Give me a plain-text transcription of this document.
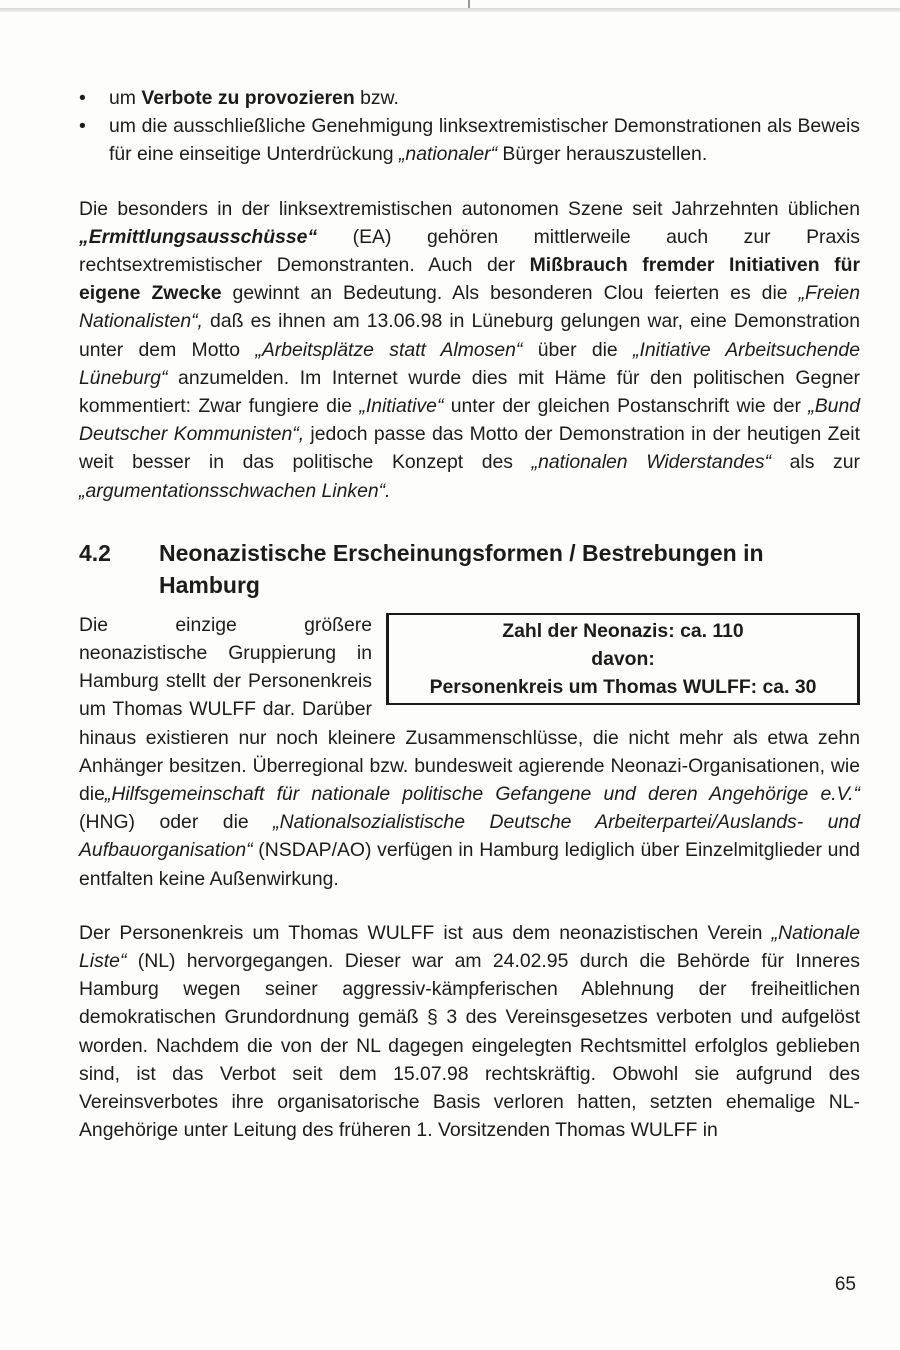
• um Verbote zu provozieren bzw.
• um die ausschließliche Genehmigung linksextremistischer Demonstrationen als Beweis für eine einseitige Unterdrückung „nationaler“ Bürger herauszustellen.

Die besonders in der linksextremistischen autonomen Szene seit Jahrzehnten üblichen „Ermittlungsausschüsse“ (EA) gehören mittlerweile auch zur Praxis rechtsextremistischer Demonstranten. Auch der Mißbrauch fremder Initiativen für eigene Zwecke gewinnt an Bedeutung. Als besonderen Clou feierten es die „Freien Nationalisten“, daß es ihnen am 13.06.98 in Lüneburg gelungen war, eine Demonstration unter dem Motto „Arbeitsplätze statt Almosen“ über die „Initiative Arbeitsuchende Lüneburg“ anzumelden. Im Internet wurde dies mit Häme für den politischen Gegner kommentiert: Zwar fungiere die „Initiative“ unter der gleichen Postanschrift wie der „Bund Deutscher Kommunisten“, jedoch passe das Motto der Demonstration in der heutigen Zeit weit besser in das politische Konzept des „nationalen Widerstandes“ als zur „argumentationsschwachen Linken“.

4.2	Neonazistische Erscheinungsformen / Bestrebungen in Hamburg

Zahl der Neonazis: ca. 110
davon:
Personenkreis um Thomas WULFF: ca. 30
Die einzige größere neonazistische Gruppierung in Hamburg stellt der Personenkreis um Thomas WULFF dar. Darüber hinaus existieren nur noch kleinere Zusammenschlüsse, die nicht mehr als etwa zehn Anhänger besitzen. Überregional bzw. bundesweit agierende Neonazi-Organisationen, wie die„Hilfsgemeinschaft für nationale politische Gefangene und deren Angehörige e.V.“ (HNG) oder die „Nationalsozialistische Deutsche Arbeiterpartei/Auslands- und Aufbauorganisation“ (NSDAP/AO) verfügen in Hamburg lediglich über Einzelmitglieder und entfalten keine Außenwirkung.

Der Personenkreis um Thomas WULFF ist aus dem neonazistischen Verein „Nationale Liste“ (NL) hervorgegangen. Dieser war am 24.02.95 durch die Behörde für Inneres Hamburg wegen seiner aggressiv-kämpferischen Ablehnung der freiheitlichen demokratischen Grundordnung gemäß § 3 des Vereinsgesetzes verboten und aufgelöst worden. Nachdem die von der NL dagegen eingelegten Rechtsmittel erfolglos geblieben sind, ist das Verbot seit dem 15.07.98 rechtskräftig. Obwohl sie aufgrund des Vereinsverbotes ihre organisatorische Basis verloren hatten, setzten ehemalige NL-Angehörige unter Leitung des früheren 1. Vorsitzenden Thomas WULFF in

65
